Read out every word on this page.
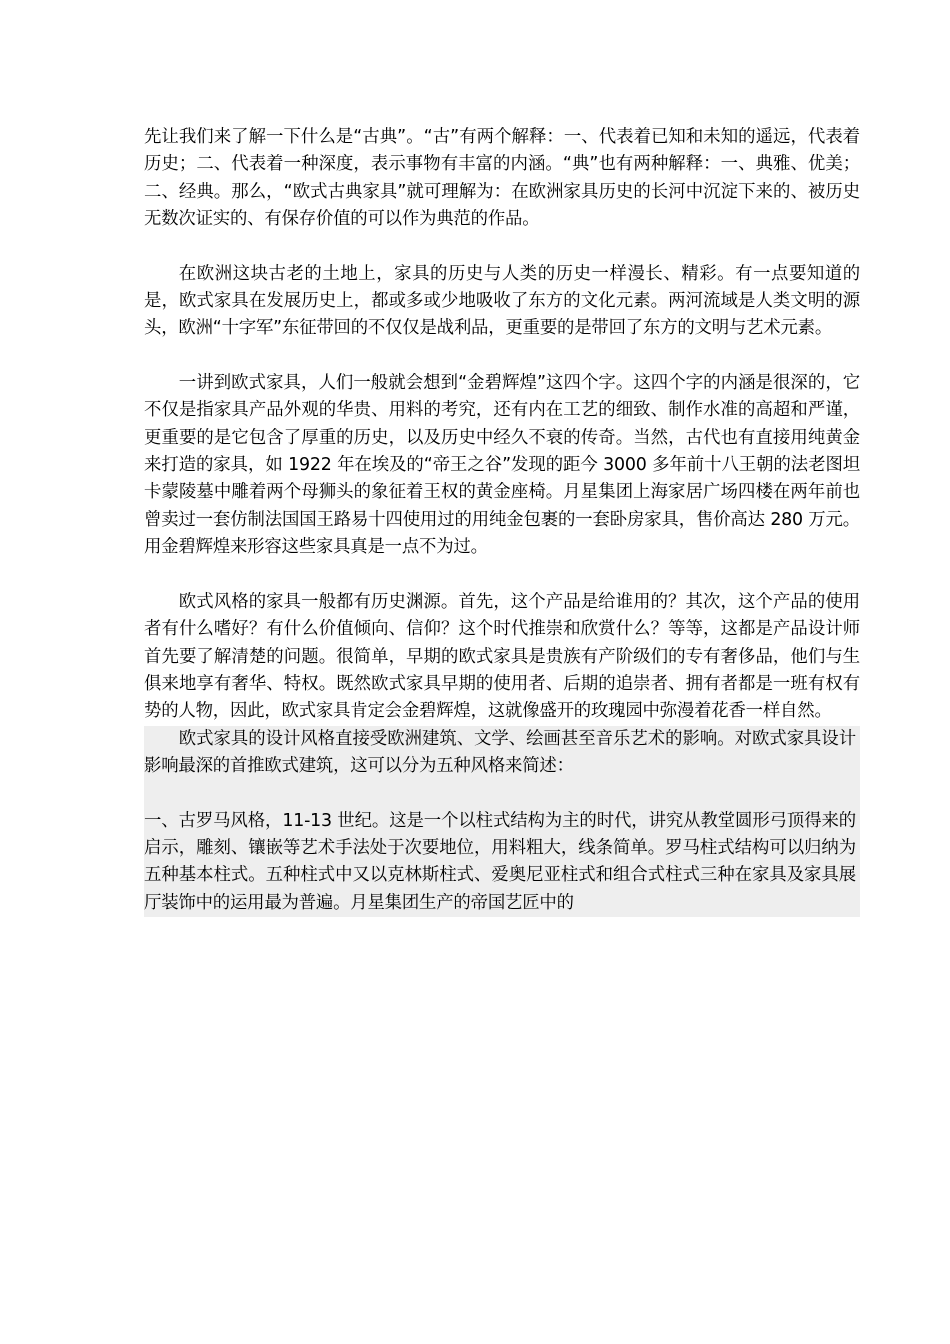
先让我们来了解一下什么是“古典”。“古”有两个解释：一、代表着已知和未知的遥远，代表着历史；二、代表着一种深度，表示事物有丰富的内涵。“典”也有两种解释：一、典雅、优美；二、经典。那么，“欧式古典家具”就可理解为：在欧洲家具历史的长河中沉淀下来的、被历史无数次证实的、有保存价值的可以作为典范的作品。

在欧洲这块古老的土地上，家具的历史与人类的历史一样漫长、精彩。有一点要知道的是，欧式家具在发展历史上，都或多或少地吸收了东方的文化元素。两河流域是人类文明的源头，欧洲“十字军”东征带回的不仅仅是战利品，更重要的是带回了东方的文明与艺术元素。

一讲到欧式家具，人们一般就会想到“金碧辉煌”这四个字。这四个字的内涵是很深的，它不仅是指家具产品外观的华贵、用料的考究，还有内在工艺的细致、制作水准的高超和严谨，更重要的是它包含了厚重的历史，以及历史中经久不衰的传奇。当然，古代也有直接用纯黄金来打造的家具，如 1922 年在埃及的“帝王之谷”发现的距今 3000 多年前十八王朝的法老图坦卡蒙陵墓中雕着两个母狮头的象征着王权的黄金座椅。月星集团上海家居广场四楼在两年前也曾卖过一套仿制法国国王路易十四使用过的用纯金包裹的一套卧房家具，售价高达 280 万元。用金碧辉煌来形容这些家具真是一点不为过。

欧式风格的家具一般都有历史渊源。首先，这个产品是给谁用的？其次，这个产品的使用者有什么嗜好？有什么价值倾向、信仰？这个时代推崇和欣赏什么？等等，这都是产品设计师首先要了解清楚的问题。很简单，早期的欧式家具是贵族有产阶级们的专有奢侈品，他们与生俱来地享有奢华、特权。既然欧式家具早期的使用者、后期的追崇者、拥有者都是一班有权有势的人物，因此，欧式家具肯定会金碧辉煌，这就像盛开的玫瑰园中弥漫着花香一样自然。

欧式家具的设计风格直接受欧洲建筑、文学、绘画甚至音乐艺术的影响。对欧式家具设计影响最深的首推欧式建筑，这可以分为五种风格来简述：

一、古罗马风格，11-13 世纪。这是一个以柱式结构为主的时代，讲究从教堂圆形弓顶得来的启示，雕刻、镶嵌等艺术手法处于次要地位，用料粗大，线条简单。罗马柱式结构可以归纳为五种基本柱式。五种柱式中又以克林斯柱式、爱奥尼亚柱式和组合式柱式三种在家具及家具展厅装饰中的运用最为普遍。月星集团生产的帝国艺匠中的
